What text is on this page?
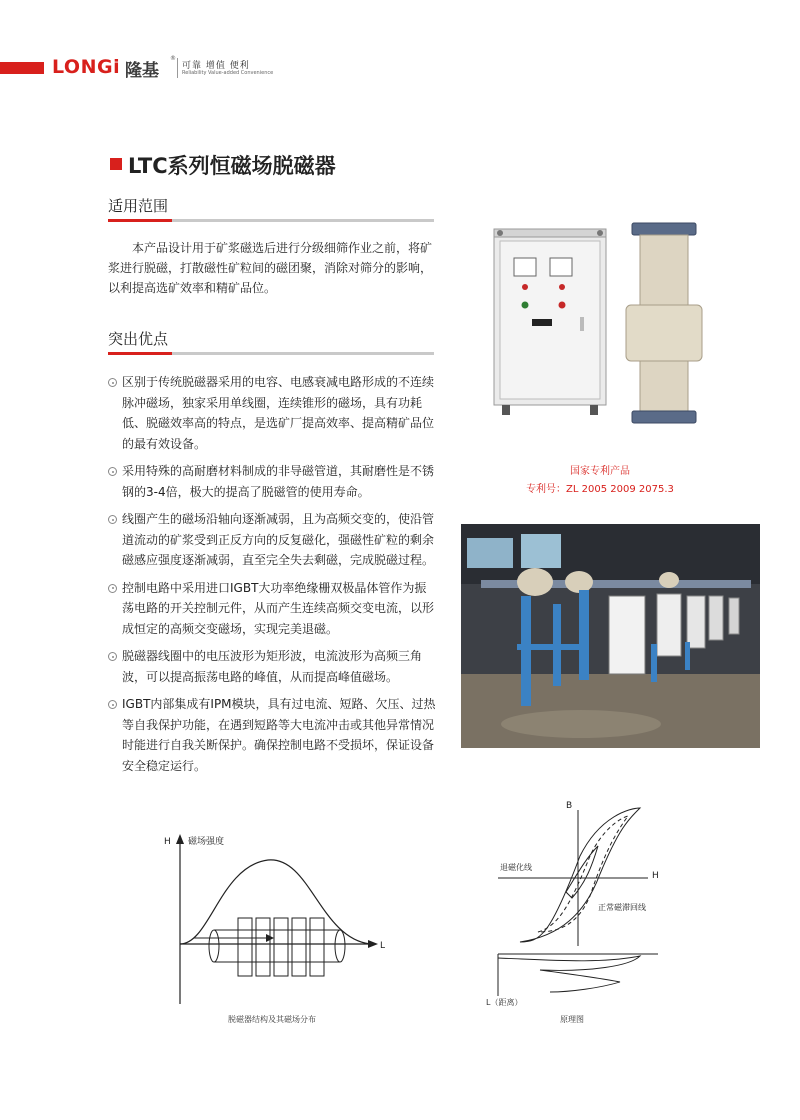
LONGi 隆基
®
可靠 增值 便利
Reliability Value-added Convenience
LTC系列恒磁场脱磁器
适用范围

本产品设计用于矿浆磁选后进行分级细筛作业之前，将矿浆进行脱磁，打散磁性矿粒间的磁团聚，消除对筛分的影响，以利提高选矿效率和精矿品位。

突出优点
区别于传统脱磁器采用的电容、电感衰减电路形成的不连续脉冲磁场，独家采用单线圈，连续锥形的磁场，具有功耗低、脱磁效率高的特点，是选矿厂提高效率、提高精矿品位的最有效设备。
采用特殊的高耐磨材料制成的非导磁管道，其耐磨性是不锈钢的3-4倍，极大的提高了脱磁管的使用寿命。
线圈产生的磁场沿轴向逐渐减弱，且为高频交变的，使沿管道流动的矿浆受到正反方向的反复磁化，强磁性矿粒的剩余磁感应强度逐渐减弱，直至完全失去剩磁，完成脱磁过程。
控制电路中采用进口IGBT大功率绝缘栅双极晶体管作为振荡电路的开关控制元件，从而产生连续高频交变电流，以形成恒定的高频交变磁场，实现完美退磁。
脱磁器线圈中的电压波形为矩形波，电流波形为高频三角波，可以提高振荡电路的峰值，从而提高峰值磁场。
IGBT内部集成有IPM模块，具有过电流、短路、欠压、过热等自我保护功能，在遇到短路等大电流冲击或其他异常情况时能进行自我关断保护。确保控制电路不受损坏，保证设备安全稳定运行。
国家专利产品
专利号：ZL 2005 2009 2075.3
H 磁场强度
L
脱磁器结构及其磁场分布
B
H
退磁化线
正常磁滞回线
L（距离）
原理图
